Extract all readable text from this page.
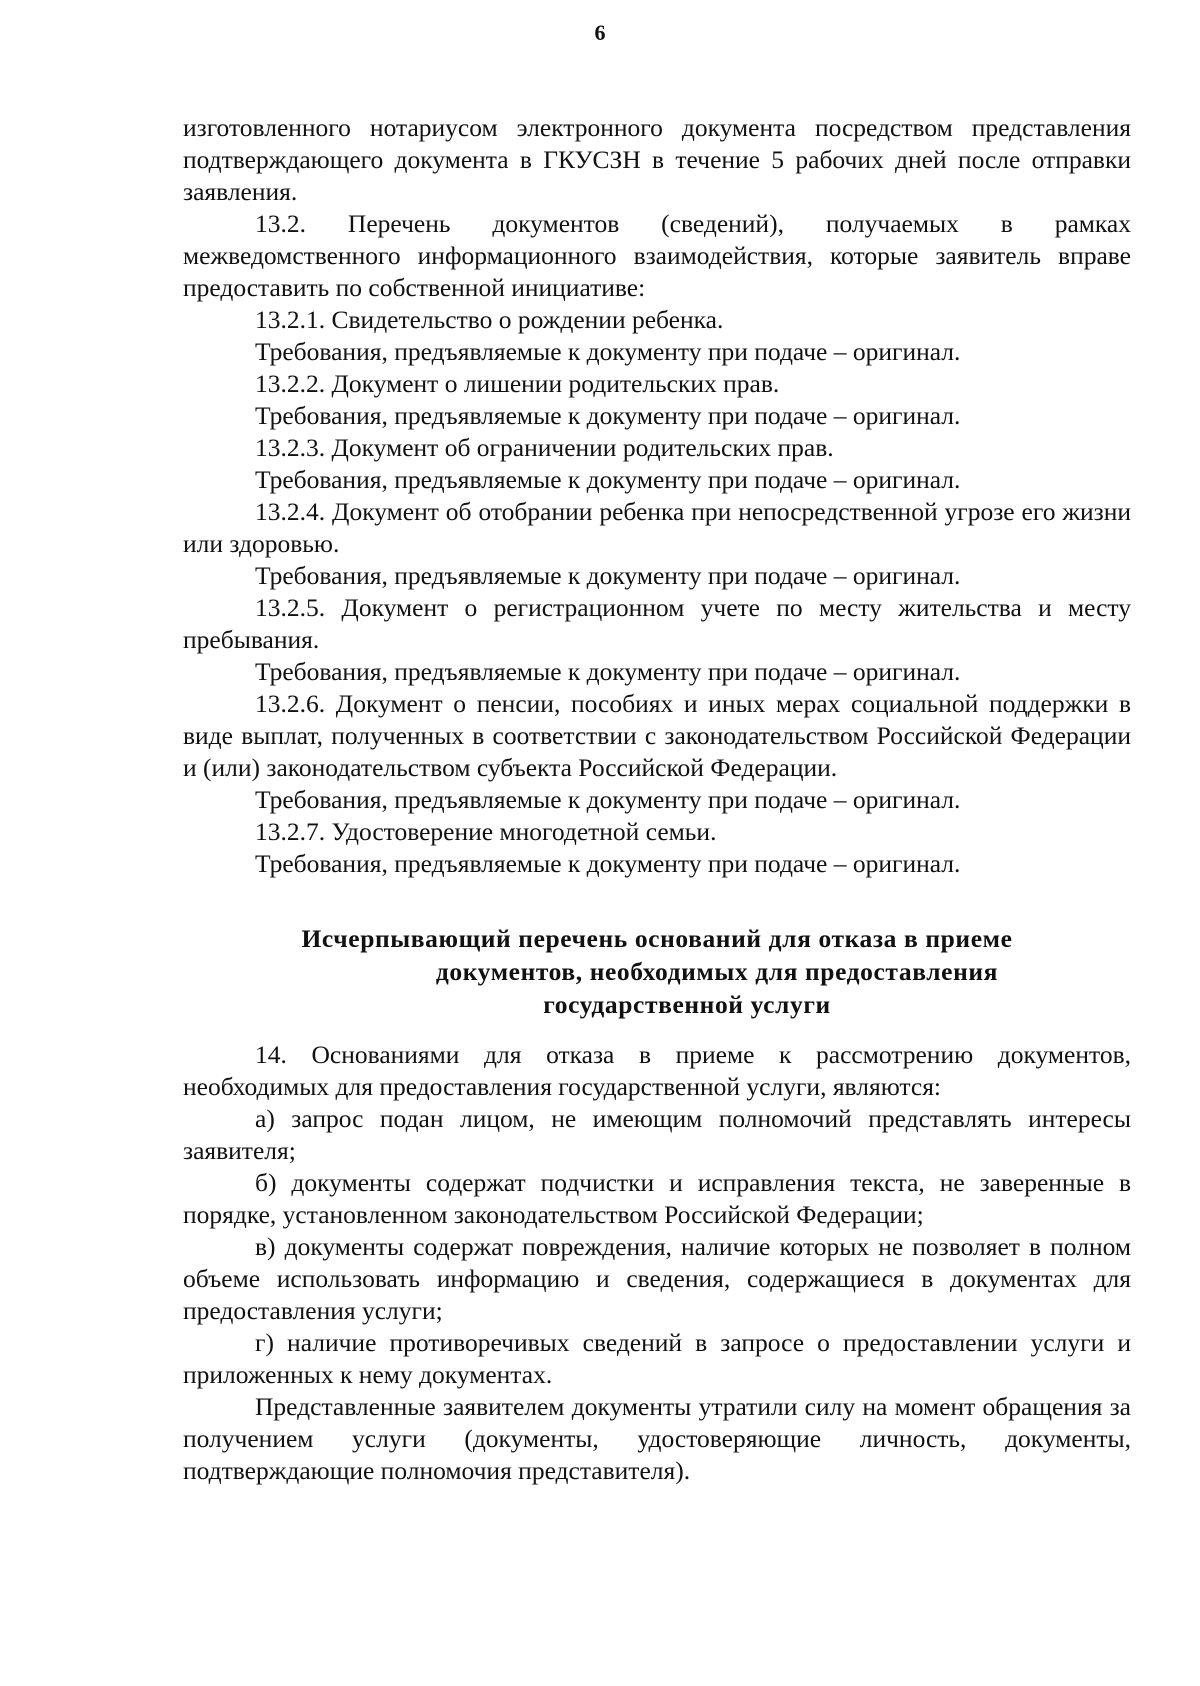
6

изготовленного нотариусом электронного документа посредством представления подтверждающего документа в ГКУСЗН в течение 5 рабочих дней после отправки заявления.

13.2. Перечень документов (сведений), получаемых в рамках межведомственного информационного взаимодействия, которые заявитель вправе предоставить по собственной инициативе:

13.2.1. Свидетельство о рождении ребенка.

Требования, предъявляемые к документу при подаче – оригинал.

13.2.2. Документ о лишении родительских прав.

Требования, предъявляемые к документу при подаче – оригинал.

13.2.3. Документ об ограничении родительских прав.

Требования, предъявляемые к документу при подаче – оригинал.

13.2.4. Документ об отобрании ребенка при непосредственной угрозе его жизни или здоровью.

Требования, предъявляемые к документу при подаче – оригинал.

13.2.5. Документ о регистрационном учете по месту жительства и месту пребывания.

Требования, предъявляемые к документу при подаче – оригинал.

13.2.6. Документ о пенсии, пособиях и иных мерах социальной поддержки в виде выплат, полученных в соответствии с законодательством Российской Федерации и (или) законодательством субъекта Российской Федерации.

Требования, предъявляемые к документу при подаче – оригинал.

13.2.7. Удостоверение многодетной семьи.

Требования, предъявляемые к документу при подаче – оригинал.

Исчерпывающий перечень оснований для отказа в приеме
документов, необходимых для предоставления
государственной услуги

14. Основаниями для отказа в приеме к рассмотрению документов, необходимых для предоставления государственной услуги, являются:

а) запрос подан лицом, не имеющим полномочий представлять интересы заявителя;

б) документы содержат подчистки и исправления текста, не заверенные в порядке, установленном законодательством Российской Федерации;

в) документы содержат повреждения, наличие которых не позволяет в полном объеме использовать информацию и сведения, содержащиеся в документах для предоставления услуги;

г) наличие противоречивых сведений в запросе о предоставлении услуги и приложенных к нему документах.

Представленные заявителем документы утратили силу на момент обращения за получением услуги (документы, удостоверяющие личность, документы, подтверждающие полномочия представителя).
